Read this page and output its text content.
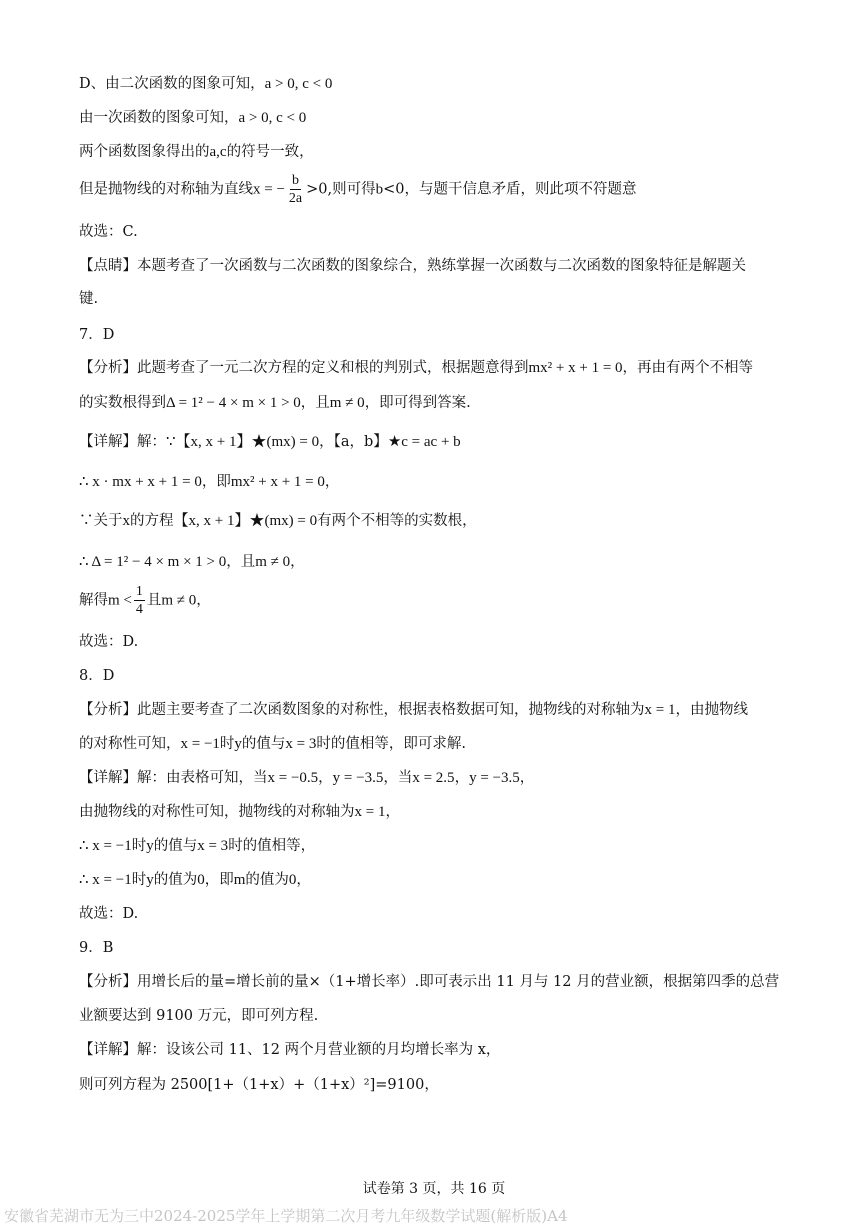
D、由二次函数的图象可知，a > 0, c < 0
由一次函数的图象可知，a > 0, c < 0
两个函数图象得出的a,c的符号一致，
但是抛物线的对称轴为直线x = − $\frac{b}{2a} >0$,则可得b<0，与题干信息矛盾，则此项不符题意
故选：C.
【点睛】本题考查了一次函数与二次函数的图象综合，熟练掌握一次函数与二次函数的图象特征是解题关
键.
7．D
【分析】此题考查了一元二次方程的定义和根的判别式，根据题意得到mx² + x + 1 = 0，再由有两个不相等
的实数根得到Δ = 1² − 4 × m × 1 > 0，且m ≠ 0，即可得到答案.
【详解】解：∵【x, x + 1】★(mx) = 0，【a，b】★c = ac + b
∴ x · mx + x + 1 = 0，即mx² + x + 1 = 0，
∵关于x的方程【x, x + 1】★(mx) = 0有两个不相等的实数根，
∴ Δ = 1² − 4 × m × 1 > 0，且m ≠ 0，
解得$m < \frac{1}{4}$ 且m ≠ 0，
故选：D.
8．D
【分析】此题主要考查了二次函数图象的对称性，根据表格数据可知，抛物线的对称轴为x = 1，由抛物线
的对称性可知，x = −1时y的值与x = 3时的值相等，即可求解.
【详解】解：由表格可知，当x = −0.5，y = −3.5，当x = 2.5，y = −3.5，
由抛物线的对称性可知，抛物线的对称轴为x = 1，
∴ x = −1时y的值与x = 3时的值相等，
∴ x = −1时y的值为0，即m的值为0，
故选：D.
9．B
【分析】用增长后的量=增长前的量×（1+增长率）.即可表示出 11 月与 12 月的营业额，根据第四季的总营
业额要达到 9100 万元，即可列方程.
【详解】解：设该公司 11、12 两个月营业额的月均增长率为 x，
则可列方程为 2500[1+（1+x）+（1+x）²]=9100，
试卷第 3 页，共 16 页
安徽省芜湖市无为三中2024-2025学年上学期第二次月考九年级数学试题(解析版)A4
